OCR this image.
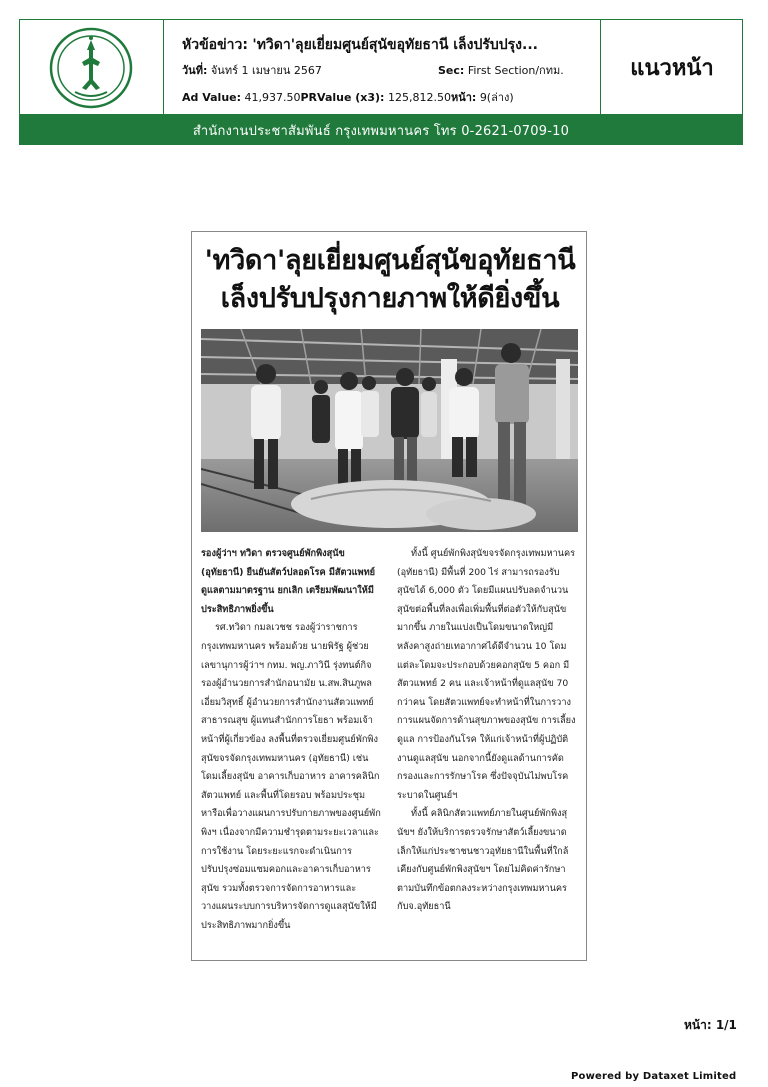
หัวข้อข่าว: 'ทวิดา'ลุยเยี่ยมศูนย์สุนัขอุทัยธานี เล็งปรับปรุง...
วันที่: จันทร์ 1 เมษายน 2567	Sec: First Section/กทม.
Ad Value: 41,937.50PRValue (x3): 125,812.50หน้า: 9(ล่าง)
แนวหน้า
สำนักงานประชาสัมพันธ์ กรุงเทพมหานคร โทร 0-2621-0709-10
'ทวิดา'ลุยเยี่ยมศูนย์สุนัขอุทัยธานี
เล็งปรับปรุงกายภาพให้ดียิ่งขึ้น

รองผู้ว่าฯ ทวิดา ตรวจศูนย์พักพิงสุนัข (อุทัยธานี) ยืนยันสัตว์ปลอดโรค มีสัตวแพทย์ดูแลตามมาตรฐาน ยกเลิก เตรียมพัฒนาให้มีประสิทธิภาพยิ่งขึ้น

รศ.ทวิดา กมลเวชช รองผู้ว่าราชการกรุงเทพมหานคร พร้อมด้วย นายพิรัฐ ผู้ช่วยเลขานุการผู้ว่าฯ กทม. พญ.ภาวินี รุ่งทนต์กิจ รองผู้อำนวยการสำนักอนามัย น.สพ.สินภูพล เอี่ยมวิสุทธิ์ ผู้อำนวยการสำนักงานสัตวแพทย์สาธารณสุข ผู้แทนสำนักการโยธา พร้อมเจ้าหน้าที่ผู้เกี่ยวข้อง ลงพื้นที่ตรวจเยี่ยมศูนย์พักพิงสุนัขจรจัดกรุงเทพมหานคร (อุทัยธานี) เช่น โดมเลี้ยงสุนัข อาคารเก็บอาหาร อาคารคลินิกสัตวแพทย์ และพื้นที่โดยรอบ พร้อมประชุมหารือเพื่อวางแผนการปรับกายภาพของศูนย์พักพิงฯ เนื่องจากมีความชำรุดตามระยะเวลาและการใช้งาน โดยระยะแรกจะดำเนินการปรับปรุงซ่อมแซมคอกและอาคารเก็บอาหารสุนัข รวมทั้งตรวจการจัดการอาหารและวางแผนระบบการบริหารจัดการดูแลสุนัขให้มีประสิทธิภาพมากยิ่งขึ้น

ทั้งนี้ ศูนย์พักพิงสุนัขจรจัดกรุงเทพมหานคร (อุทัยธานี) มีพื้นที่ 200 ไร่ สามารถรองรับสุนัขได้ 6,000 ตัว โดยมีแผนปรับลดจำนวนสุนัขต่อพื้นที่ลงเพื่อเพิ่มพื้นที่ต่อตัวให้กับสุนัขมากขึ้น ภายในแบ่งเป็นโดมขนาดใหญ่มีหลังคาสูงถ่ายเทอากาศได้ดีจำนวน 10 โดม แต่ละโดมจะประกอบด้วยคอกสุนัข 5 คอก มีสัตวแพทย์ 2 คน และเจ้าหน้าที่ดูแลสุนัข 70 กว่าคน โดยสัตวแพทย์จะทำหน้าที่ในการวางการแผนจัดการด้านสุขภาพของสุนัข การเลี้ยงดูแล การป้องกันโรค ให้แก่เจ้าหน้าที่ผู้ปฏิบัติงานดูแลสุนัข นอกจากนี้ยังดูแลด้านการคัดกรองและการรักษาโรค ซึ่งปัจจุบันไม่พบโรคระบาดในศูนย์ฯ

ทั้งนี้ คลินิกสัตวแพทย์ภายในศูนย์พักพิงสุนัขฯ ยังให้บริการตรวจรักษาสัตว์เลี้ยงขนาดเล็กให้แก่ประชาชนชาวอุทัยธานีในพื้นที่ใกล้เคียงกับศูนย์พักพิงสุนัขฯ โดยไม่คิดค่ารักษาตามบันทึกข้อตกลงระหว่างกรุงเทพมหานครกับจ.อุทัยธานี

หน้า: 1/1
Powered by Dataxet Limited
